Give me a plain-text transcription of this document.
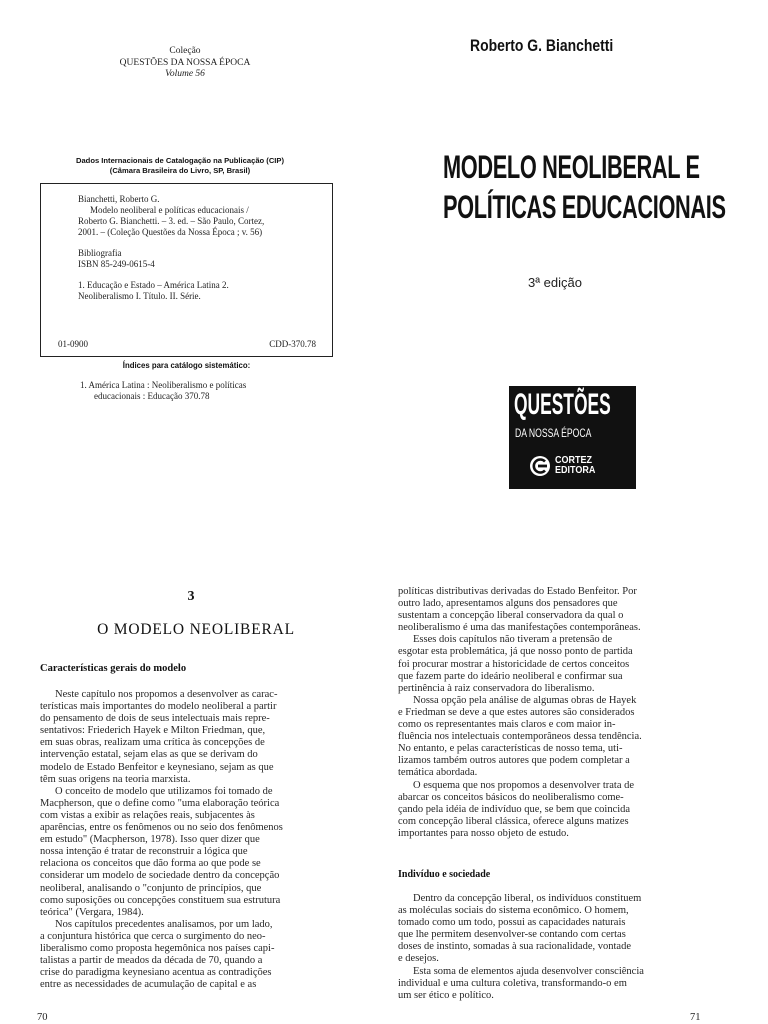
Coleção
QUESTÕES DA NOSSA ÉPOCA
Volume 56
Dados Internacionais de Catalogação na Publicação (CIP)
(Câmara Brasileira do Livro, SP, Brasil)
Bianchetti, Roberto G.
Modelo neoliberal e políticas educacionais /
Roberto G. Bianchetti. – 3. ed. – São Paulo, Cortez,
2001. – (Coleção Questões da Nossa Época ; v. 56)
Bibliografia
ISBN 85-249-0615-4
1. Educação e Estado – América Latina 2.
Neoliberalismo I. Título. II. Série.
01-0900	CDD-370.78
Índices para catálogo sistemático:
1. América Latina : Neoliberalismo e políticas
educacionais : Educação 370.78
Roberto G. Bianchetti
MODELO NEOLIBERAL E
POLÍTICAS EDUCACIONAIS
3ª edição
QUESTÕES
DA NOSSA ÉPOCA
CORTEZ
EDITORA
3
O MODELO NEOLIBERAL
Características gerais do modelo
Neste capítulo nos propomos a desenvolver as carac-
terísticas mais importantes do modelo neoliberal a partir
do pensamento de dois de seus intelectuais mais repre-
sentativos: Friederich Hayek e Milton Friedman, que,
em suas obras, realizam uma crítica às concepções de
intervenção estatal, sejam elas as que se derivam do
modelo de Estado Benfeitor e keynesiano, sejam as que
têm suas origens na teoria marxista.
O conceito de modelo que utilizamos foi tomado de
Macpherson, que o define como "uma elaboração teórica
com vistas a exibir as relações reais, subjacentes às
aparências, entre os fenômenos ou no seio dos fenômenos
em estudo" (Macpherson, 1978). Isso quer dizer que
nossa intenção é tratar de reconstruir a lógica que
relaciona os conceitos que dão forma ao que pode se
considerar um modelo de sociedade dentro da concepção
neoliberal, analisando o "conjunto de princípios, que
como suposições ou concepções constituem sua estrutura
teórica" (Vergara, 1984).
Nos capítulos precedentes analisamos, por um lado,
a conjuntura histórica que cerca o surgimento do neo-
liberalismo como proposta hegemônica nos países capi-
talistas a partir de meados da década de 70, quando a
crise do paradigma keynesiano acentua as contradições
entre as necessidades de acumulação de capital e as
70
políticas distributivas derivadas do Estado Benfeitor. Por
outro lado, apresentamos alguns dos pensadores que
sustentam a concepção liberal conservadora da qual o
neoliberalismo é uma das manifestações contemporâneas.
Esses dois capítulos não tiveram a pretensão de
esgotar esta problemática, já que nosso ponto de partida
foi procurar mostrar a historicidade de certos conceitos
que fazem parte do ideário neoliberal e confirmar sua
pertinência à raiz conservadora do liberalismo.
Nossa opção pela análise de algumas obras de Hayek
e Friedman se deve a que estes autores são considerados
como os representantes mais claros e com maior in-
fluência nos intelectuais contemporâneos dessa tendência.
No entanto, e pelas características de nosso tema, uti-
lizamos também outros autores que podem completar a
temática abordada.
O esquema que nos propomos a desenvolver trata de
abarcar os conceitos básicos do neoliberalismo come-
çando pela idéia de indivíduo que, se bem que coincida
com concepção liberal clássica, oferece alguns matizes
importantes para nosso objeto de estudo.
Indivíduo e sociedade
Dentro da concepção liberal, os indivíduos constituem
as moléculas sociais do sistema econômico. O homem,
tomado como um todo, possui as capacidades naturais
que lhe permitem desenvolver-se contando com certas
doses de instinto, somadas à sua racionalidade, vontade
e desejos.
Esta soma de elementos ajuda desenvolver consciência
individual e uma cultura coletiva, transformando-o em
um ser ético e político.
71
